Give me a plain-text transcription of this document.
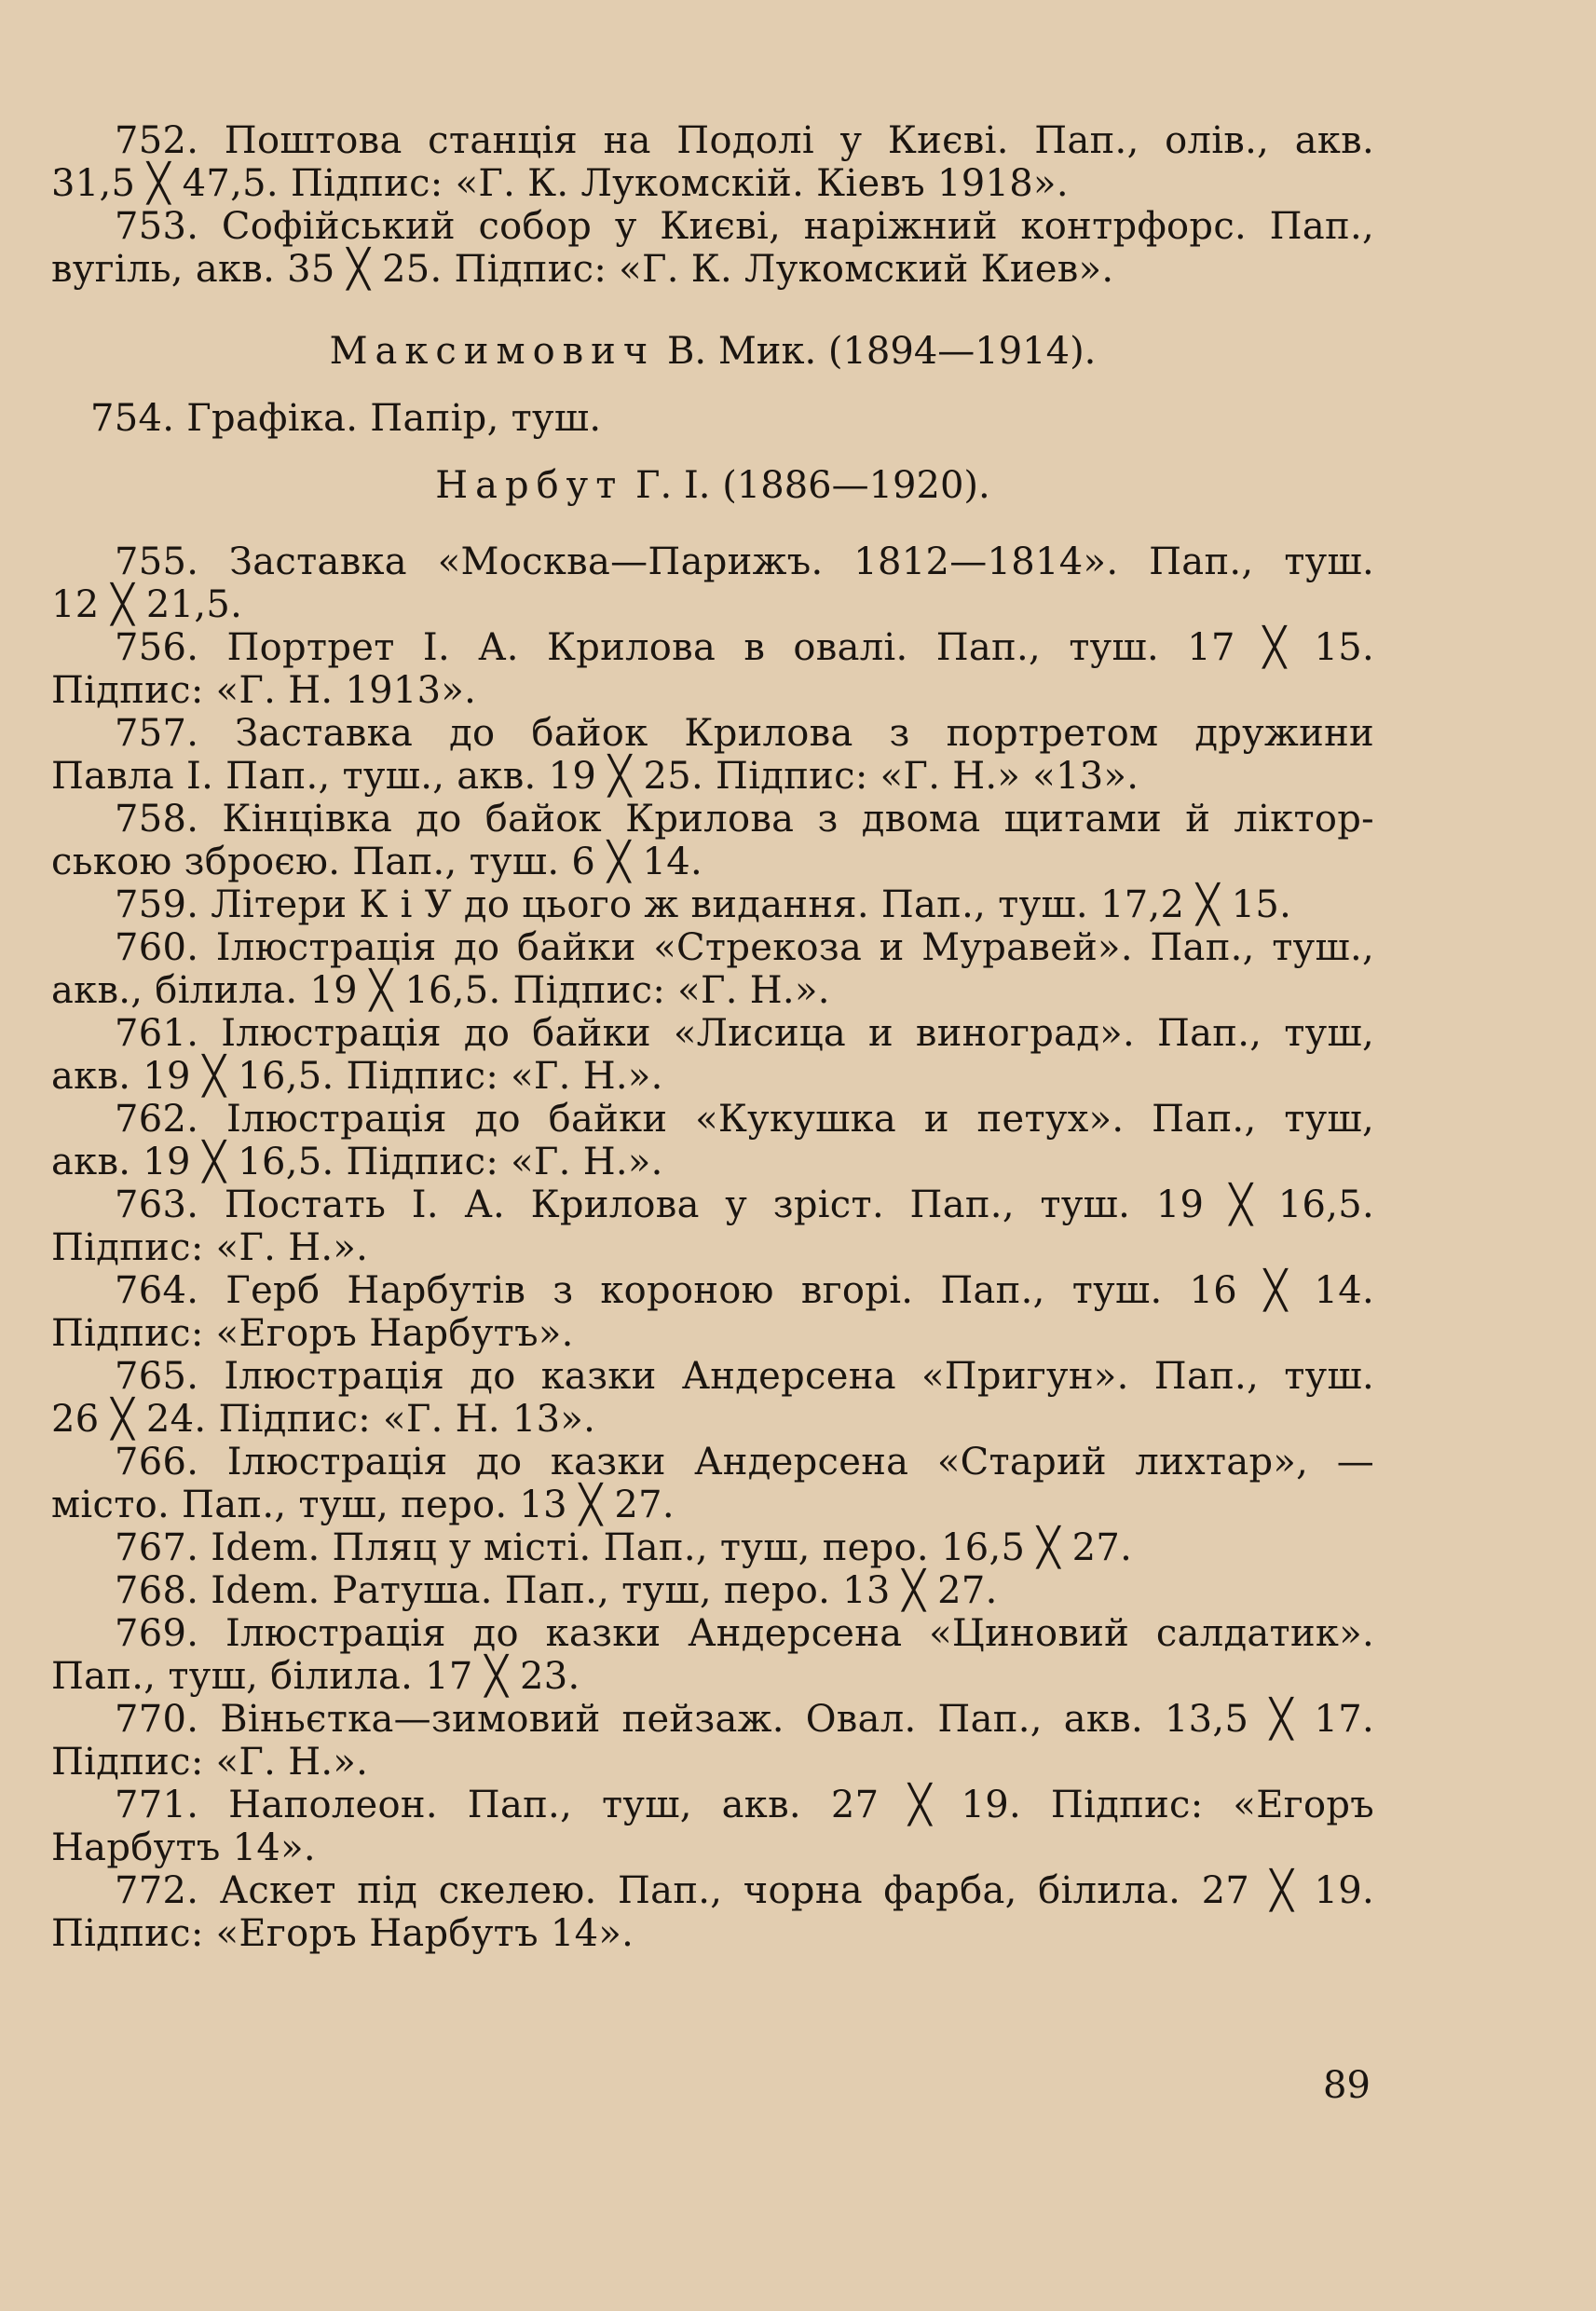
752. Поштова станція на Подолі у Києві. Пап., олів., акв.
31,5 ╳ 47,5. Підпис: «Г. К. Лукомскій. Кіевъ 1918».
753. Софійський собор у Києві, наріжний контрфорс. Пап.,
вугіль, акв. 35 ╳ 25. Підпис: «Г. К. Лукомский Киев».
Максимович В. Мик. (1894—1914).
754. Графіка. Папір, туш.
Нарбут Г. І. (1886—1920).
755. Заставка «Москва—Парижъ. 1812—1814». Пап., туш.
12 ╳ 21,5.
756. Портрет І. А. Крилова в овалі. Пап., туш. 17 ╳ 15.
Підпис: «Г. Н. 1913».
757. Заставка до байок Крилова з портретом дружини
Павла І. Пап., туш., акв. 19 ╳ 25. Підпис: «Г. Н.» «13».
758. Кінцівка до байок Крилова з двома щитами й ліктор-
ською зброєю. Пап., туш. 6 ╳ 14.
759. Літери К і У до цього ж видання. Пап., туш. 17,2 ╳ 15.
760. Ілюстрація до байки «Стрекоза и Муравей». Пап., туш.,
акв., білила. 19 ╳ 16,5. Підпис: «Г. Н.».
761. Ілюстрація до байки «Лисица и виноград». Пап., туш,
акв. 19 ╳ 16,5. Підпис: «Г. Н.».
762. Ілюстрація до байки «Кукушка и петух». Пап., туш,
акв. 19 ╳ 16,5. Підпис: «Г. Н.».
763. Постать І. А. Крилова у зріст. Пап., туш. 19 ╳ 16,5.
Підпис: «Г. Н.».
764. Герб Нарбутів з короною вгорі. Пап., туш. 16 ╳ 14.
Підпис: «Егоръ Нарбутъ».
765. Ілюстрація до казки Андерсена «Пригун». Пап., туш.
26 ╳ 24. Підпис: «Г. Н. 13».
766. Ілюстрація до казки Андерсена «Старий лихтар», —
місто. Пап., туш, перо. 13 ╳ 27.
767. Idem. Пляц у місті. Пап., туш, перо. 16,5 ╳ 27.
768. Idem. Ратуша. Пап., туш, перо. 13 ╳ 27.
769. Ілюстрація до казки Андерсена «Циновий салдатик».
Пап., туш, білила. 17 ╳ 23.
770. Віньєтка—зимовий пейзаж. Овал. Пап., акв. 13,5 ╳ 17.
Підпис: «Г. Н.».
771. Наполеон. Пап., туш, акв. 27 ╳ 19. Підпис: «Егоръ
Нарбутъ 14».
772. Аскет під скелею. Пап., чорна фарба, білила. 27 ╳ 19.
Підпис: «Егоръ Нарбутъ 14».
89
